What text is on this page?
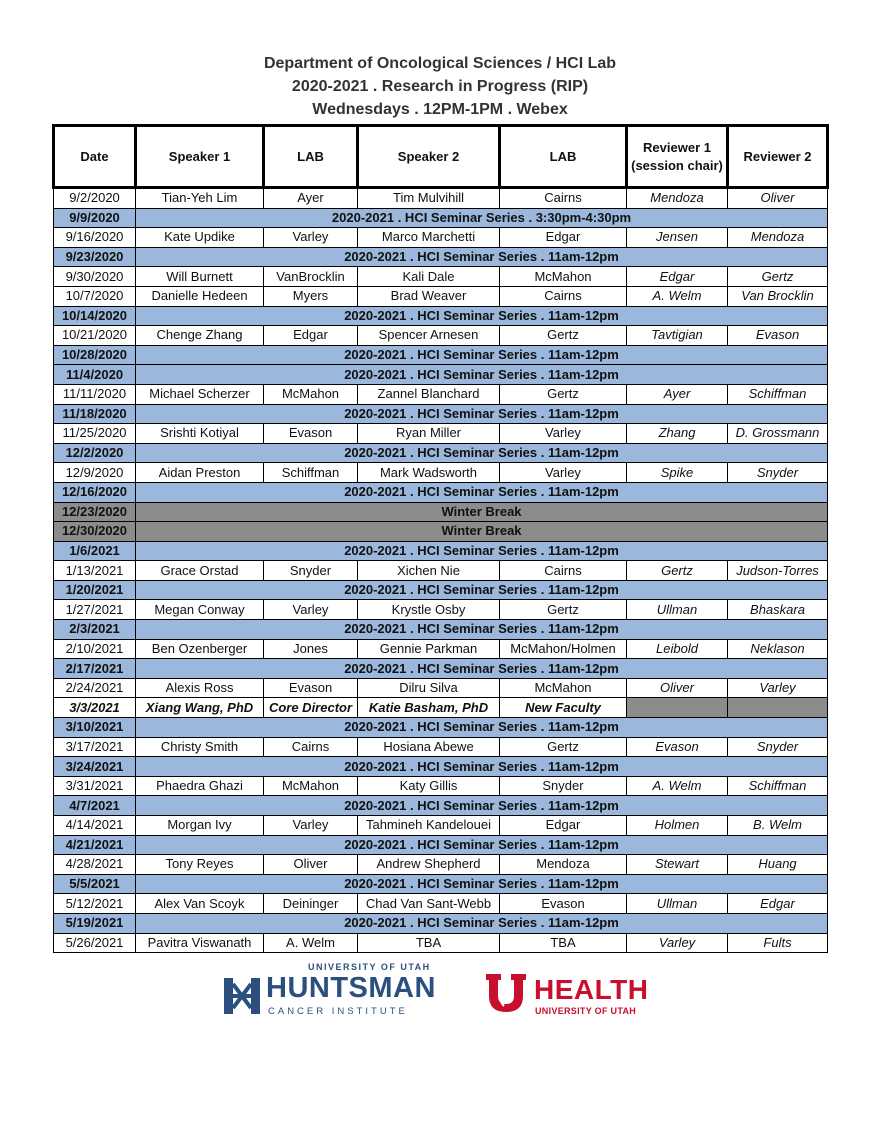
Department of Oncological Sciences / HCI Lab
2020-2021 . Research in Progress (RIP)
Wednesdays . 12PM-1PM . Webex
Date	Speaker 1	LAB	Speaker 2	LAB	Reviewer 1 (session chair)	Reviewer 2
9/2/2020	Tian-Yeh Lim	Ayer	Tim Mulvihill	Cairns	Mendoza	Oliver
9/9/2020	2020-2021 . HCI Seminar Series . 3:30pm-4:30pm					
9/16/2020	Kate Updike	Varley	Marco Marchetti	Edgar	Jensen	Mendoza
9/23/2020	2020-2021 . HCI Seminar Series . 11am-12pm					
9/30/2020	Will Burnett	VanBrocklin	Kali Dale	McMahon	Edgar	Gertz
10/7/2020	Danielle Hedeen	Myers	Brad Weaver	Cairns	A. Welm	Van Brocklin
10/14/2020	2020-2021 . HCI Seminar Series . 11am-12pm					
10/21/2020	Chenge Zhang	Edgar	Spencer Arnesen	Gertz	Tavtigian	Evason
10/28/2020	2020-2021 . HCI Seminar Series . 11am-12pm					
11/4/2020	2020-2021 . HCI Seminar Series . 11am-12pm					
11/11/2020	Michael Scherzer	McMahon	Zannel Blanchard	Gertz	Ayer	Schiffman
11/18/2020	2020-2021 . HCI Seminar Series . 11am-12pm					
11/25/2020	Srishti Kotiyal	Evason	Ryan Miller	Varley	Zhang	D. Grossmann
12/2/2020	2020-2021 . HCI Seminar Series . 11am-12pm					
12/9/2020	Aidan Preston	Schiffman	Mark Wadsworth	Varley	Spike	Snyder
12/16/2020	2020-2021 . HCI Seminar Series . 11am-12pm					
12/23/2020	Winter Break					
12/30/2020	Winter Break					
1/6/2021	2020-2021 . HCI Seminar Series . 11am-12pm					
1/13/2021	Grace Orstad	Snyder	Xichen Nie	Cairns	Gertz	Judson-Torres
1/20/2021	2020-2021 . HCI Seminar Series . 11am-12pm					
1/27/2021	Megan Conway	Varley	Krystle Osby	Gertz	Ullman	Bhaskara
2/3/2021	2020-2021 . HCI Seminar Series . 11am-12pm					
2/10/2021	Ben Ozenberger	Jones	Gennie Parkman	McMahon/Holmen	Leibold	Neklason
2/17/2021	2020-2021 . HCI Seminar Series . 11am-12pm					
2/24/2021	Alexis Ross	Evason	Dilru Silva	McMahon	Oliver	Varley
3/3/2021	Xiang Wang, PhD	Core Director	Katie Basham, PhD	New Faculty		
3/10/2021	2020-2021 . HCI Seminar Series . 11am-12pm					
3/17/2021	Christy Smith	Cairns	Hosiana Abewe	Gertz	Evason	Snyder
3/24/2021	2020-2021 . HCI Seminar Series . 11am-12pm					
3/31/2021	Phaedra Ghazi	McMahon	Katy Gillis	Snyder	A. Welm	Schiffman
4/7/2021	2020-2021 . HCI Seminar Series . 11am-12pm					
4/14/2021	Morgan Ivy	Varley	Tahmineh Kandelouei	Edgar	Holmen	B. Welm
4/21/2021	2020-2021 . HCI Seminar Series . 11am-12pm					
4/28/2021	Tony Reyes	Oliver	Andrew Shepherd	Mendoza	Stewart	Huang
5/5/2021	2020-2021 . HCI Seminar Series . 11am-12pm					
5/12/2021	Alex Van Scoyk	Deininger	Chad Van Sant-Webb	Evason	Ullman	Edgar
5/19/2021	2020-2021 . HCI Seminar Series . 11am-12pm					
5/26/2021	Pavitra Viswanath	A. Welm	TBA	TBA	Varley	Fults
UNIVERSITY OF UTAH
HUNTSMAN
CANCER INSTITUTE
HEALTH
UNIVERSITY OF UTAH
